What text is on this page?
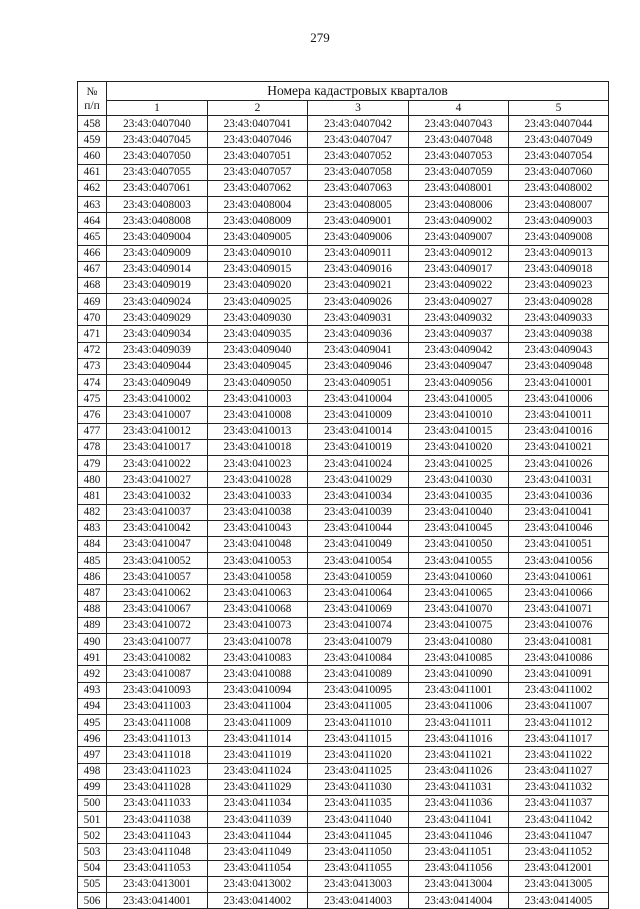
279
№
п/п	Номера кадастровых кварталов				
	1	2	3	4	5
458	23:43:0407040	23:43:0407041	23:43:0407042	23:43:0407043	23:43:0407044
459	23:43:0407045	23:43:0407046	23:43:0407047	23:43:0407048	23:43:0407049
460	23:43:0407050	23:43:0407051	23:43:0407052	23:43:0407053	23:43:0407054
461	23:43:0407055	23:43:0407057	23:43:0407058	23:43:0407059	23:43:0407060
462	23:43:0407061	23:43:0407062	23:43:0407063	23:43:0408001	23:43:0408002
463	23:43:0408003	23:43:0408004	23:43:0408005	23:43:0408006	23:43:0408007
464	23:43:0408008	23:43:0408009	23:43:0409001	23:43:0409002	23:43:0409003
465	23:43:0409004	23:43:0409005	23:43:0409006	23:43:0409007	23:43:0409008
466	23:43:0409009	23:43:0409010	23:43:0409011	23:43:0409012	23:43:0409013
467	23:43:0409014	23:43:0409015	23:43:0409016	23:43:0409017	23:43:0409018
468	23:43:0409019	23:43:0409020	23:43:0409021	23:43:0409022	23:43:0409023
469	23:43:0409024	23:43:0409025	23:43:0409026	23:43:0409027	23:43:0409028
470	23:43:0409029	23:43:0409030	23:43:0409031	23:43:0409032	23:43:0409033
471	23:43:0409034	23:43:0409035	23:43:0409036	23:43:0409037	23:43:0409038
472	23:43:0409039	23:43:0409040	23:43:0409041	23:43:0409042	23:43:0409043
473	23:43:0409044	23:43:0409045	23:43:0409046	23:43:0409047	23:43:0409048
474	23:43:0409049	23:43:0409050	23:43:0409051	23:43:0409056	23:43:0410001
475	23:43:0410002	23:43:0410003	23:43:0410004	23:43:0410005	23:43:0410006
476	23:43:0410007	23:43:0410008	23:43:0410009	23:43:0410010	23:43:0410011
477	23:43:0410012	23:43:0410013	23:43:0410014	23:43:0410015	23:43:0410016
478	23:43:0410017	23:43:0410018	23:43:0410019	23:43:0410020	23:43:0410021
479	23:43:0410022	23:43:0410023	23:43:0410024	23:43:0410025	23:43:0410026
480	23:43:0410027	23:43:0410028	23:43:0410029	23:43:0410030	23:43:0410031
481	23:43:0410032	23:43:0410033	23:43:0410034	23:43:0410035	23:43:0410036
482	23:43:0410037	23:43:0410038	23:43:0410039	23:43:0410040	23:43:0410041
483	23:43:0410042	23:43:0410043	23:43:0410044	23:43:0410045	23:43:0410046
484	23:43:0410047	23:43:0410048	23:43:0410049	23:43:0410050	23:43:0410051
485	23:43:0410052	23:43:0410053	23:43:0410054	23:43:0410055	23:43:0410056
486	23:43:0410057	23:43:0410058	23:43:0410059	23:43:0410060	23:43:0410061
487	23:43:0410062	23:43:0410063	23:43:0410064	23:43:0410065	23:43:0410066
488	23:43:0410067	23:43:0410068	23:43:0410069	23:43:0410070	23:43:0410071
489	23:43:0410072	23:43:0410073	23:43:0410074	23:43:0410075	23:43:0410076
490	23:43:0410077	23:43:0410078	23:43:0410079	23:43:0410080	23:43:0410081
491	23:43:0410082	23:43:0410083	23:43:0410084	23:43:0410085	23:43:0410086
492	23:43:0410087	23:43:0410088	23:43:0410089	23:43:0410090	23:43:0410091
493	23:43:0410093	23:43:0410094	23:43:0410095	23:43:0411001	23:43:0411002
494	23:43:0411003	23:43:0411004	23:43:0411005	23:43:0411006	23:43:0411007
495	23:43:0411008	23:43:0411009	23:43:0411010	23:43:0411011	23:43:0411012
496	23:43:0411013	23:43:0411014	23:43:0411015	23:43:0411016	23:43:0411017
497	23:43:0411018	23:43:0411019	23:43:0411020	23:43:0411021	23:43:0411022
498	23:43:0411023	23:43:0411024	23:43:0411025	23:43:0411026	23:43:0411027
499	23:43:0411028	23:43:0411029	23:43:0411030	23:43:0411031	23:43:0411032
500	23:43:0411033	23:43:0411034	23:43:0411035	23:43:0411036	23:43:0411037
501	23:43:0411038	23:43:0411039	23:43:0411040	23:43:0411041	23:43:0411042
502	23:43:0411043	23:43:0411044	23:43:0411045	23:43:0411046	23:43:0411047
503	23:43:0411048	23:43:0411049	23:43:0411050	23:43:0411051	23:43:0411052
504	23:43:0411053	23:43:0411054	23:43:0411055	23:43:0411056	23:43:0412001
505	23:43:0413001	23:43:0413002	23:43:0413003	23:43:0413004	23:43:0413005
506	23:43:0414001	23:43:0414002	23:43:0414003	23:43:0414004	23:43:0414005
